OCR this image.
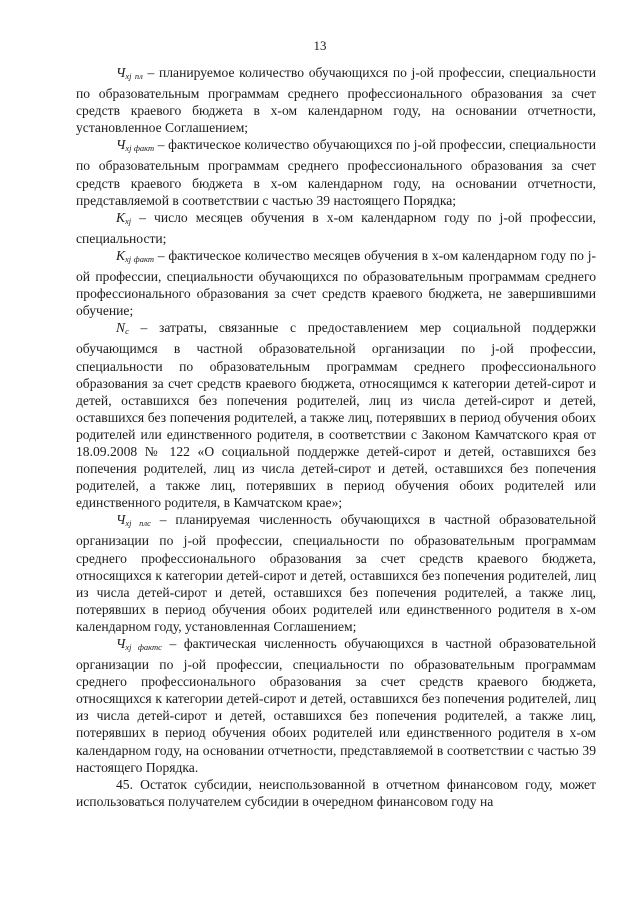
13

$Ч_{xj пл}$ – планируемое количество обучающихся по j-ой профессии, специальности по образовательным программам среднего профессионального образования за счет средств краевого бюджета в x-ом календарном году, на основании отчетности, установленное Соглашением;

$Ч_{xj факт}$ – фактическое количество обучающихся по j-ой профессии, специальности по образовательным программам среднего профессионального образования за счет средств краевого бюджета в x-ом календарном году, на основании отчетности, представляемой в соответствии с частью 39 настоящего Порядка;

$К_{xj}$ – число месяцев обучения в x-ом календарном году по j-ой профессии, специальности;

$К_{xj факт}$ – фактическое количество месяцев обучения в x-ом календарном году по j-ой профессии, специальности обучающихся по образовательным программам среднего профессионального образования за счет средств краевого бюджета, не завершившими обучение;

$N_с$ – затраты, связанные с предоставлением мер социальной поддержки обучающимся в частной образовательной организации по j-ой профессии, специальности по образовательным программам среднего профессионального образования за счет средств краевого бюджета, относящимся к категории детей-сирот и детей, оставшихся без попечения родителей, лиц из числа детей-сирот и детей, оставшихся без попечения родителей, а также лиц, потерявших в период обучения обоих родителей или единственного родителя, в соответствии с Законом Камчатского края от 18.09.2008 № 122 «О социальной поддержке детей-сирот и детей, оставшихся без попечения родителей, лиц из числа детей-сирот и детей, оставшихся без попечения родителей, а также лиц, потерявших в период обучения обоих родителей или единственного родителя, в Камчатском крае»;

$Ч_{xj плс}$ – планируемая численность обучающихся в частной образовательной организации по j-ой профессии, специальности по образовательным программам среднего профессионального образования за счет средств краевого бюджета, относящихся к категории детей-сирот и детей, оставшихся без попечения родителей, лиц из числа детей-сирот и детей, оставшихся без попечения родителей, а также лиц, потерявших в период обучения обоих родителей или единственного родителя в x-ом календарном году, установленная Соглашением;

$Ч_{xj фактс}$ – фактическая численность обучающихся в частной образовательной организации по j-ой профессии, специальности по образовательным программам среднего профессионального образования за счет средств краевого бюджета, относящихся к категории детей-сирот и детей, оставшихся без попечения родителей, лиц из числа детей-сирот и детей, оставшихся без попечения родителей, а также лиц, потерявших в период обучения обоих родителей или единственного родителя в x-ом календарном году, на основании отчетности, представляемой в соответствии с частью 39 настоящего Порядка.

45. Остаток субсидии, неиспользованной в отчетном финансовом году, может использоваться получателем субсидии в очередном финансовом году на
